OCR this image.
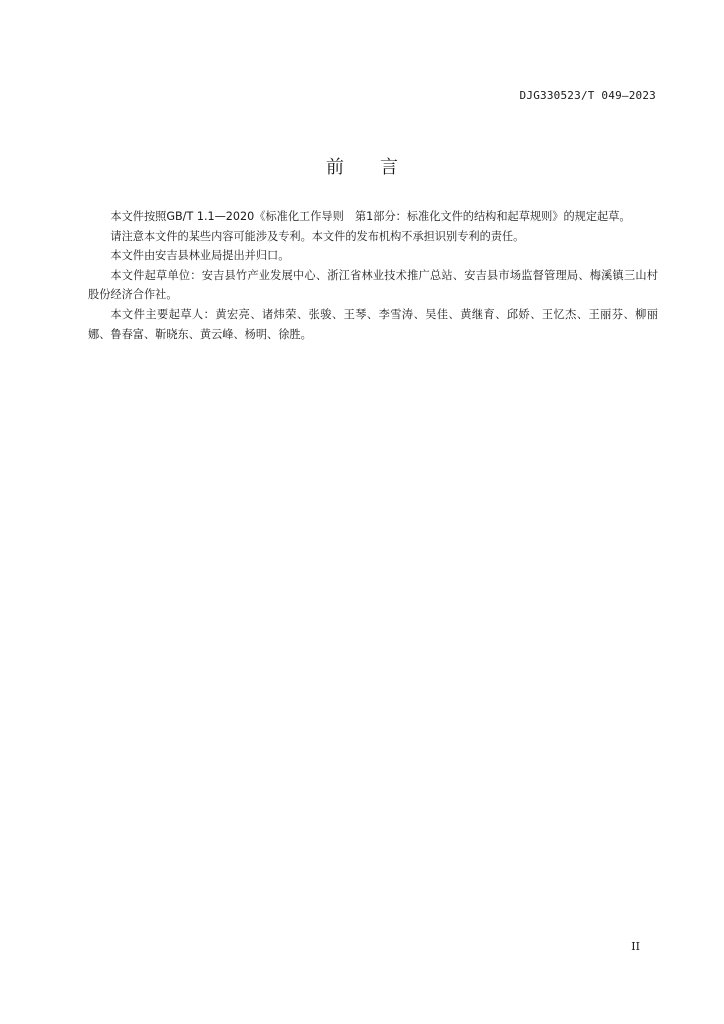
DJG330523/T 049—2023
前 言

本文件按照GB/T 1.1—2020《标准化工作导则　第1部分：标准化文件的结构和起草规则》的规定起草。

请注意本文件的某些内容可能涉及专利。本文件的发布机构不承担识别专利的责任。

本文件由安吉县林业局提出并归口。

本文件起草单位：安吉县竹产业发展中心、浙江省林业技术推广总站、安吉县市场监督管理局、梅溪镇三山村股份经济合作社。

本文件主要起草人：黄宏亮、诸炜荣、张骏、王琴、李雪涛、吴佳、黄继育、邱娇、王忆杰、王丽芬、柳丽娜、鲁春富、靳晓东、黄云峰、杨明、徐胜。

II
